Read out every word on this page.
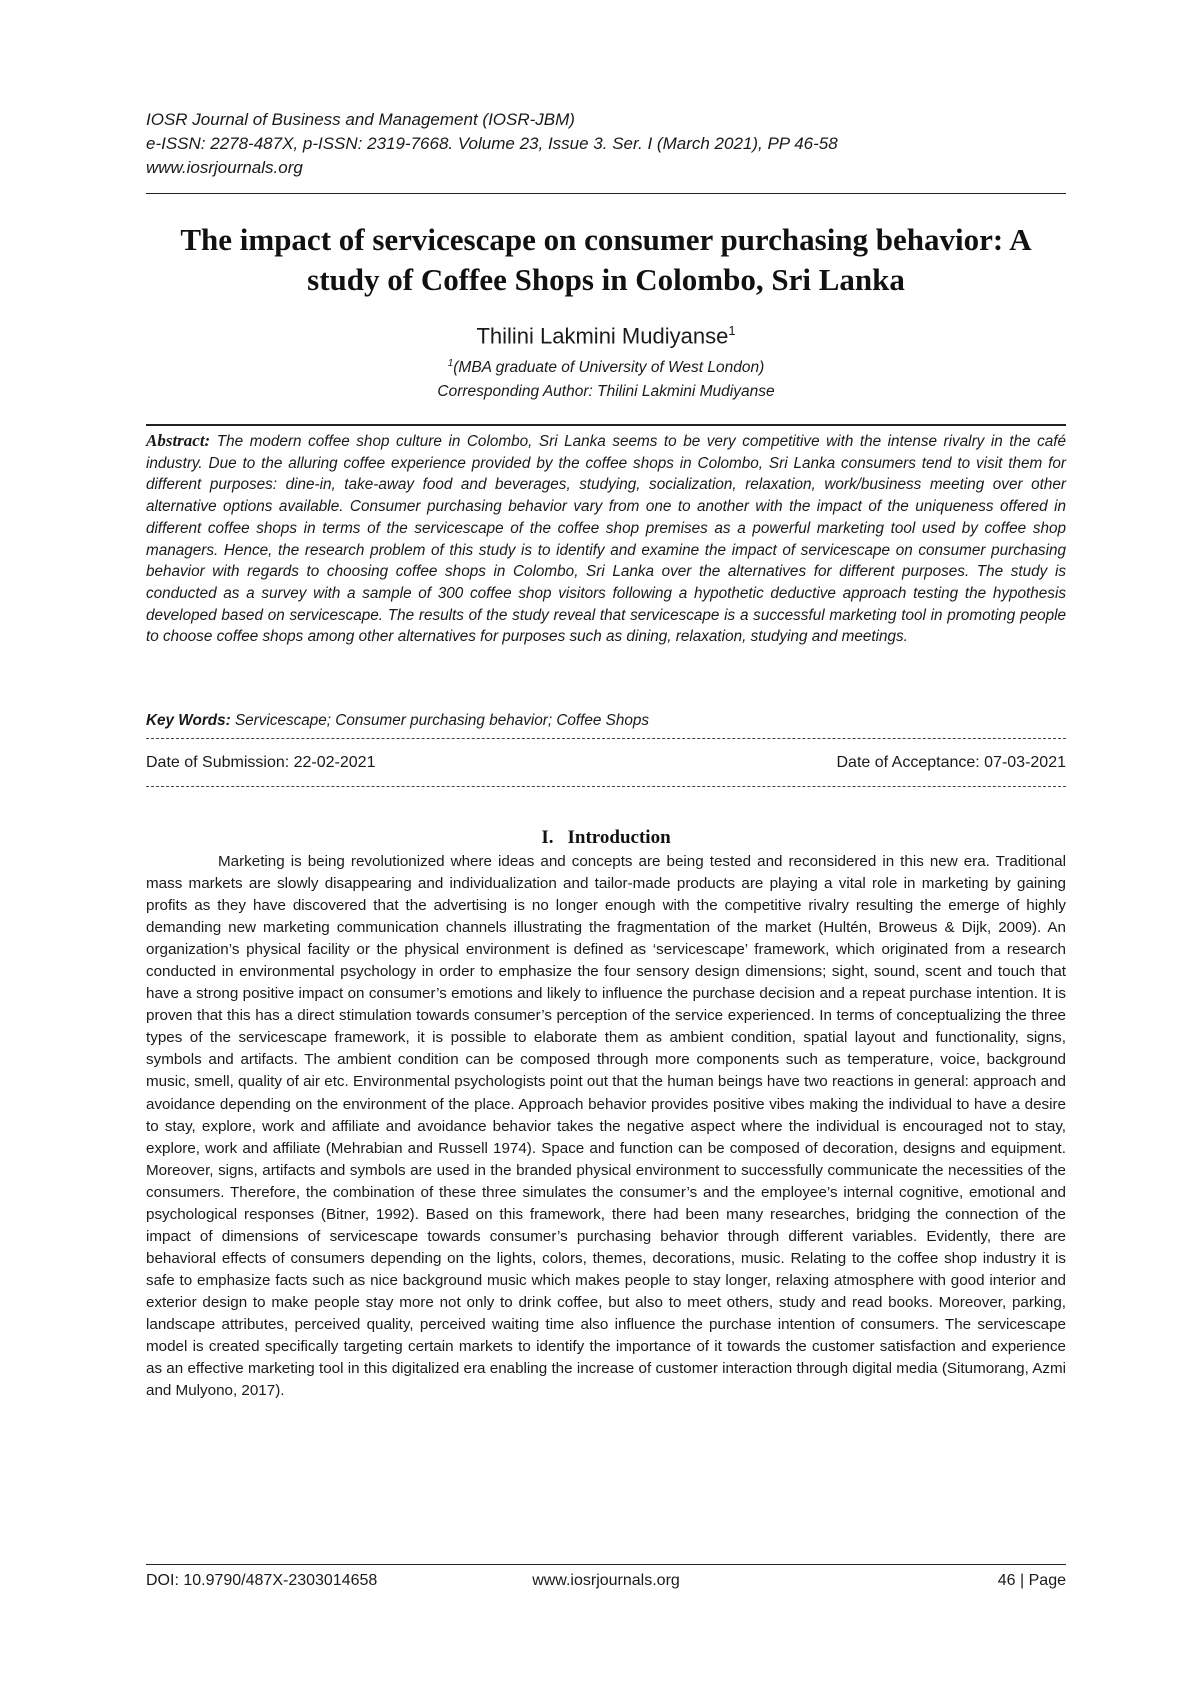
IOSR Journal of Business and Management (IOSR-JBM)
e-ISSN: 2278-487X, p-ISSN: 2319-7668. Volume 23, Issue 3. Ser. I (March 2021), PP 46-58
www.iosrjournals.org
The impact of servicescape on consumer purchasing behavior: A
study of Coffee Shops in Colombo, Sri Lanka
Thilini Lakmini Mudiyanse$^1$
$^1$(MBA graduate of University of West London)
Corresponding Author: Thilini Lakmini Mudiyanse
Abstract: The modern coffee shop culture in Colombo, Sri Lanka seems to be very competitive with the intense rivalry in the café industry. Due to the alluring coffee experience provided by the coffee shops in Colombo, Sri Lanka consumers tend to visit them for different purposes: dine-in, take-away food and beverages, studying, socialization, relaxation, work/business meeting over other alternative options available. Consumer purchasing behavior vary from one to another with the impact of the uniqueness offered in different coffee shops in terms of the servicescape of the coffee shop premises as a powerful marketing tool used by coffee shop managers. Hence, the research problem of this study is to identify and examine the impact of servicescape on consumer purchasing behavior with regards to choosing coffee shops in Colombo, Sri Lanka over the alternatives for different purposes. The study is conducted as a survey with a sample of 300 coffee shop visitors following a hypothetic deductive approach testing the hypothesis developed based on servicescape. The results of the study reveal that servicescape is a successful marketing tool in promoting people to choose coffee shops among other alternatives for purposes such as dining, relaxation, studying and meetings.
Key Words: Servicescape; Consumer purchasing behavior; Coffee Shops
Date of Submission: 22-02-2021	Date of Acceptance: 07-03-2021
I. Introduction
Marketing is being revolutionized where ideas and concepts are being tested and reconsidered in this new era. Traditional mass markets are slowly disappearing and individualization and tailor-made products are playing a vital role in marketing by gaining profits as they have discovered that the advertising is no longer enough with the competitive rivalry resulting the emerge of highly demanding new marketing communication channels illustrating the fragmentation of the market (Hultén, Broweus & Dijk, 2009). An organization’s physical facility or the physical environment is defined as ‘servicescape’ framework, which originated from a research conducted in environmental psychology in order to emphasize the four sensory design dimensions; sight, sound, scent and touch that have a strong positive impact on consumer’s emotions and likely to influence the purchase decision and a repeat purchase intention. It is proven that this has a direct stimulation towards consumer’s perception of the service experienced. In terms of conceptualizing the three types of the servicescape framework, it is possible to elaborate them as ambient condition, spatial layout and functionality, signs, symbols and artifacts. The ambient condition can be composed through more components such as temperature, voice, background music, smell, quality of air etc. Environmental psychologists point out that the human beings have two reactions in general: approach and avoidance depending on the environment of the place. Approach behavior provides positive vibes making the individual to have a desire to stay, explore, work and affiliate and avoidance behavior takes the negative aspect where the individual is encouraged not to stay, explore, work and affiliate (Mehrabian and Russell 1974). Space and function can be composed of decoration, designs and equipment. Moreover, signs, artifacts and symbols are used in the branded physical environment to successfully communicate the necessities of the consumers. Therefore, the combination of these three simulates the consumer’s and the employee’s internal cognitive, emotional and psychological responses (Bitner, 1992). Based on this framework, there had been many researches, bridging the connection of the impact of dimensions of servicescape towards consumer’s purchasing behavior through different variables. Evidently, there are behavioral effects of consumers depending on the lights, colors, themes, decorations, music. Relating to the coffee shop industry it is safe to emphasize facts such as nice background music which makes people to stay longer, relaxing atmosphere with good interior and exterior design to make people stay more not only to drink coffee, but also to meet others, study and read books. Moreover, parking, landscape attributes, perceived quality, perceived waiting time also influence the purchase intention of consumers. The servicescape model is created specifically targeting certain markets to identify the importance of it towards the customer satisfaction and experience as an effective marketing tool in this digitalized era enabling the increase of customer interaction through digital media (Situmorang, Azmi and Mulyono, 2017).
www.iosrjournals.org
DOI: 10.9790/487X-2303014658	46 | Page
